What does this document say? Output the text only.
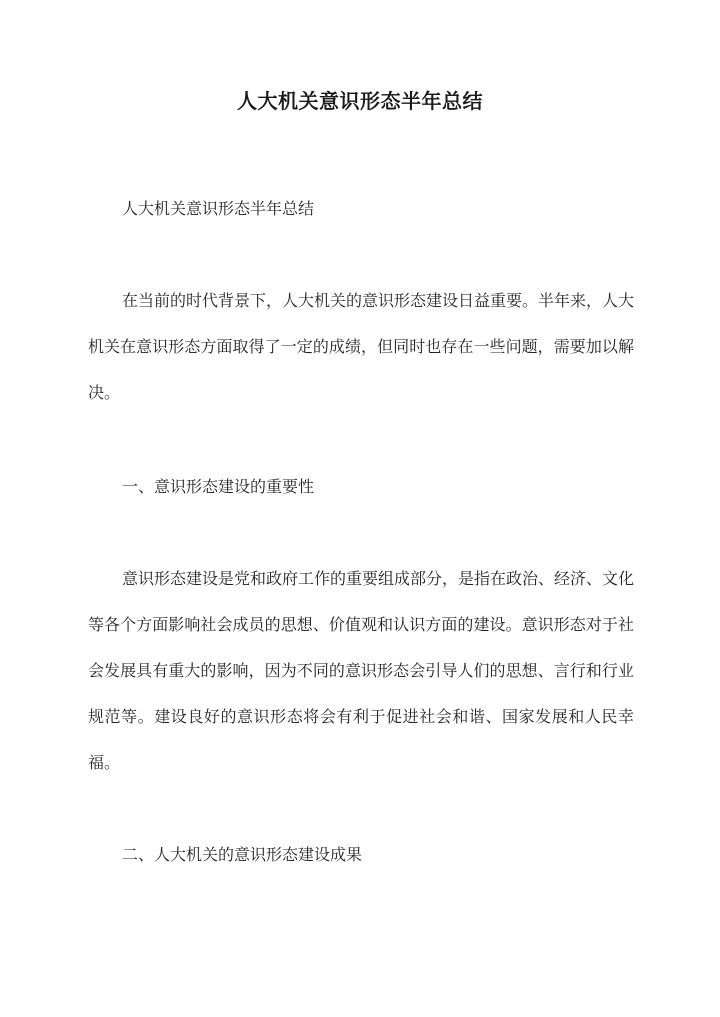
人大机关意识形态半年总结
人大机关意识形态半年总结
在当前的时代背景下，人大机关的意识形态建设日益重要。半年来，人大机关在意识形态方面取得了一定的成绩，但同时也存在一些问题，需要加以解决。
一、意识形态建设的重要性
意识形态建设是党和政府工作的重要组成部分，是指在政治、经济、文化等各个方面影响社会成员的思想、价值观和认识方面的建设。意识形态对于社会发展具有重大的影响，因为不同的意识形态会引导人们的思想、言行和行业规范等。建设良好的意识形态将会有利于促进社会和谐、国家发展和人民幸福。
二、人大机关的意识形态建设成果
